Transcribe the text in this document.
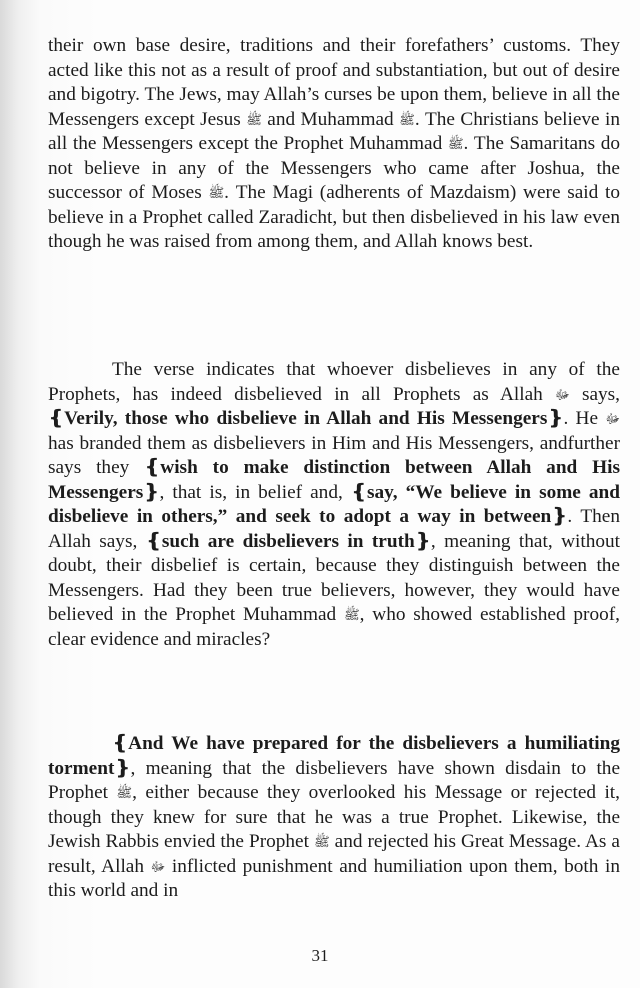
their own base desire, traditions and their forefathers’ customs. They acted like this not as a result of proof and substantiation, but out of desire and bigotry. The Jews, may Allah’s curses be upon them, believe in all the Messengers except Jesus ﷺ and Muhammad ﷺ. The Christians believe in all the Messengers except the Prophet Muhammad ﷺ. The Samaritans do not believe in any of the Messengers who came after Joshua, the successor of Moses ﷺ. The Magi (adherents of Mazdaism) were said to believe in a Prophet called Zaradicht, but then disbelieved in his law even though he was raised from among them, and Allah knows best.

The verse indicates that whoever disbelieves in any of the Prophets, has indeed disbelieved in all Prophets as Allah ﷻ says, ❴Verily, those who disbelieve in Allah and His Messengers❵. He ﷻ has branded them as disbelievers in Him and His Messengers, andfurther says they ❴wish to make distinction between Allah and His Messengers❵, that is, in belief and, ❴say, “We believe in some and disbelieve in others,” and seek to adopt a way in between❵. Then Allah says, ❴such are disbelievers in truth❵, meaning that, without doubt, their disbelief is certain, because they distinguish between the Messengers. Had they been true believers, however, they would have believed in the Prophet Muhammad ﷺ, who showed established proof, clear evidence and miracles?

❴And We have prepared for the disbelievers a humiliating torment❵, meaning that the disbelievers have shown disdain to the Prophet ﷺ, either because they overlooked his Message or rejected it, though they knew for sure that he was a true Prophet. Likewise, the Jewish Rabbis envied the Prophet ﷺ and rejected his Great Message. As a result, Allah ﷻ inflicted punishment and humiliation upon them, both in this world and in

31
